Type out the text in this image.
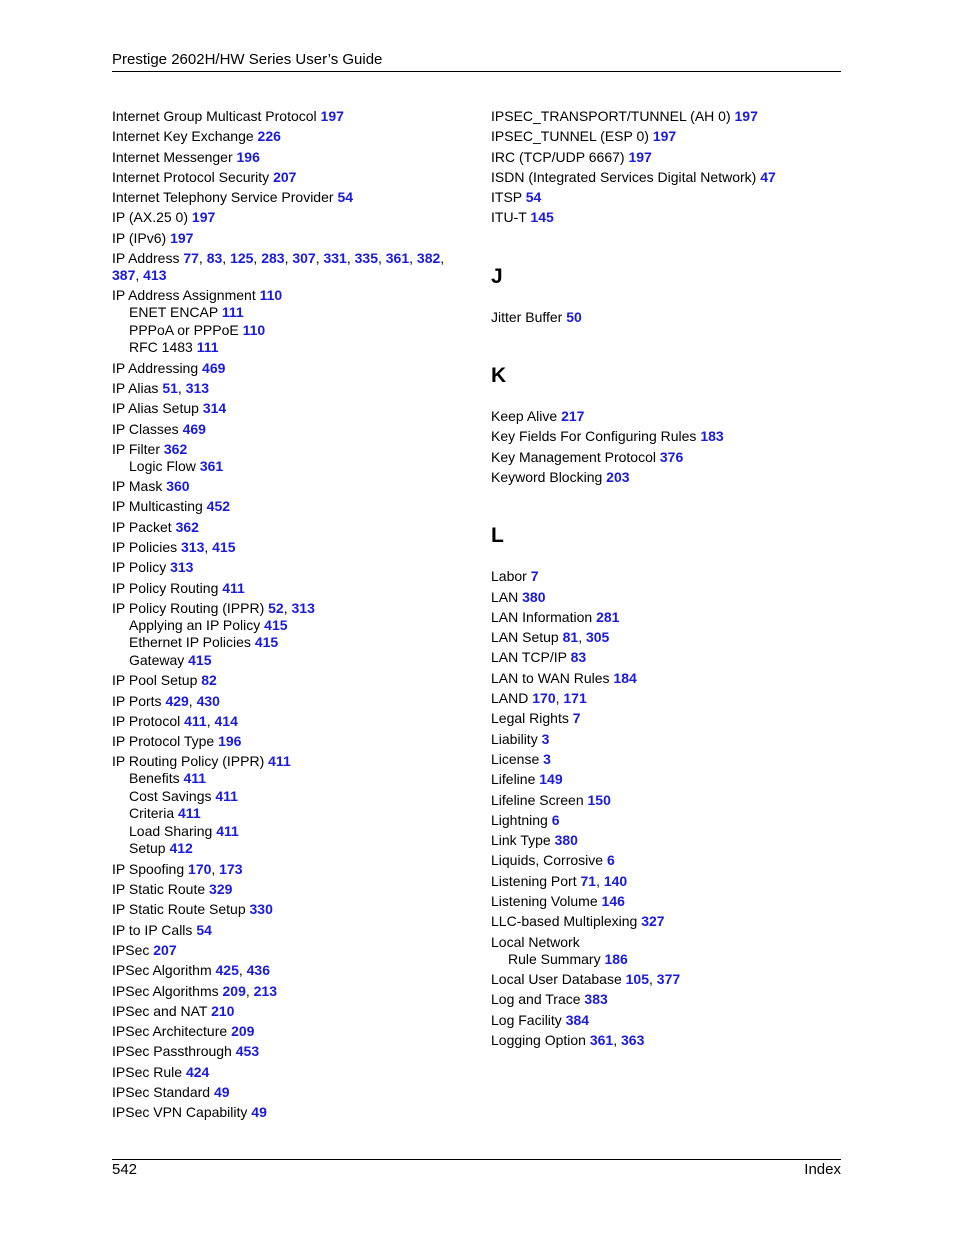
Prestige 2602H/HW Series User’s Guide
Internet Group Multicast Protocol 197
Internet Key Exchange 226
Internet Messenger 196
Internet Protocol Security 207
Internet Telephony Service Provider 54
IP (AX.25 0) 197
IP (IPv6) 197
IP Address 77, 83, 125, 283, 307, 331, 335, 361, 382, 387, 413
IP Address Assignment 110
ENET ENCAP 111
PPPoA or PPPoE 110
RFC 1483 111
IP Addressing 469
IP Alias 51, 313
IP Alias Setup 314
IP Classes 469
IP Filter 362
Logic Flow 361
IP Mask 360
IP Multicasting 452
IP Packet 362
IP Policies 313, 415
IP Policy 313
IP Policy Routing 411
IP Policy Routing (IPPR) 52, 313
Applying an IP Policy 415
Ethernet IP Policies 415
Gateway 415
IP Pool Setup 82
IP Ports 429, 430
IP Protocol 411, 414
IP Protocol Type 196
IP Routing Policy (IPPR) 411
Benefits 411
Cost Savings 411
Criteria 411
Load Sharing 411
Setup 412
IP Spoofing 170, 173
IP Static Route 329
IP Static Route Setup 330
IP to IP Calls 54
IPSec 207
IPSec Algorithm 425, 436
IPSec Algorithms 209, 213
IPSec and NAT 210
IPSec Architecture 209
IPSec Passthrough 453
IPSec Rule 424
IPSec Standard 49
IPSec VPN Capability 49
IPSEC_TRANSPORT/TUNNEL (AH 0) 197
IPSEC_TUNNEL (ESP 0) 197
IRC (TCP/UDP 6667) 197
ISDN (Integrated Services Digital Network) 47
ITSP 54
ITU-T 145
J
Jitter Buffer 50
K
Keep Alive 217
Key Fields For Configuring Rules 183
Key Management Protocol 376
Keyword Blocking 203
L
Labor 7
LAN 380
LAN Information 281
LAN Setup 81, 305
LAN TCP/IP 83
LAN to WAN Rules 184
LAND 170, 171
Legal Rights 7
Liability 3
License 3
Lifeline 149
Lifeline Screen 150
Lightning 6
Link Type 380
Liquids, Corrosive 6
Listening Port 71, 140
Listening Volume 146
LLC-based Multiplexing 327
Local Network
Rule Summary 186
Local User Database 105, 377
Log and Trace 383
Log Facility 384
Logging Option 361, 363
542	Index
